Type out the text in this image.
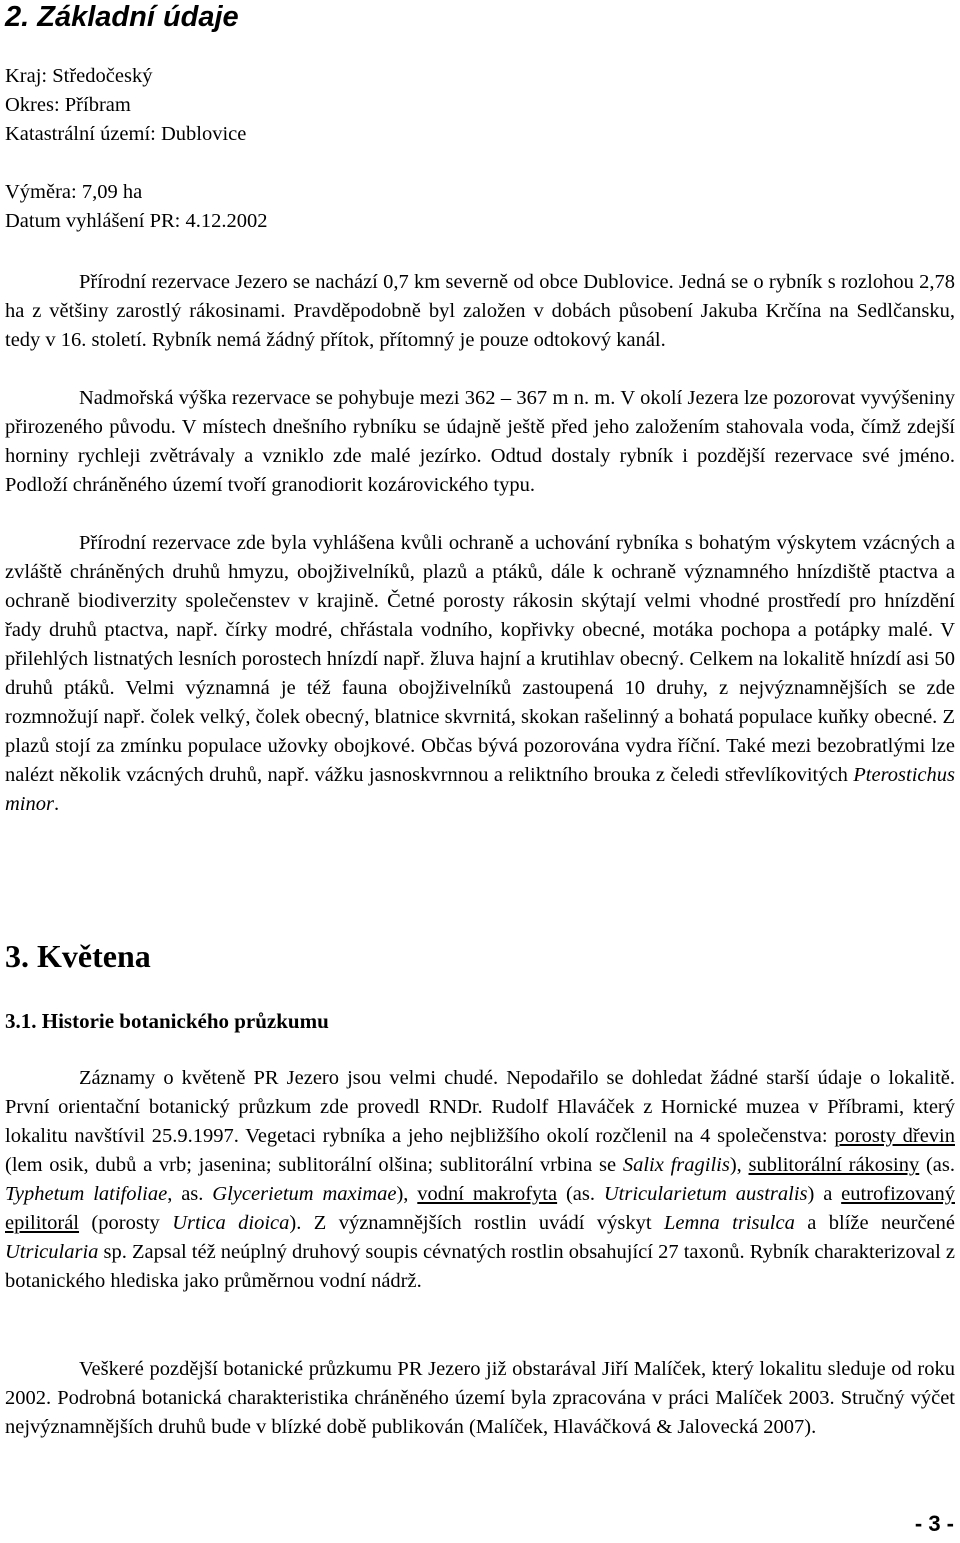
2. Základní údaje
Kraj: Středočeský
Okres: Příbram
Katastrální území: Dublovice
Výměra: 7,09 ha
Datum vyhlášení PR: 4.12.2002
Přírodní rezervace Jezero se nachází 0,7 km severně od obce Dublovice. Jedná se o rybník s rozlohou 2,78 ha z většiny zarostlý rákosinami. Pravděpodobně byl založen v dobách působení Jakuba Krčína na Sedlčansku, tedy v 16. století. Rybník nemá žádný přítok, přítomný je pouze odtokový kanál.
Nadmořská výška rezervace se pohybuje mezi 362 – 367 m n. m. V okolí Jezera lze pozorovat vyvýšeniny přirozeného původu. V místech dnešního rybníku se údajně ještě před jeho založením stahovala voda, čímž zdejší horniny rychleji zvětrávaly a vzniklo zde malé jezírko. Odtud dostaly rybník i pozdější rezervace své jméno. Podloží chráněného území tvoří granodiorit kozárovického typu.
Přírodní rezervace zde byla vyhlášena kvůli ochraně a uchování rybníka s bohatým výskytem vzácných a zvláště chráněných druhů hmyzu, obojživelníků, plazů a ptáků, dále k ochraně významného hnízdiště ptactva a ochraně biodiverzity společenstev v krajině. Četné porosty rákosin skýtají velmi vhodné prostředí pro hnízdění řady druhů ptactva, např. čírky modré, chřástala vodního, kopřivky obecné, motáka pochopa a potápky malé. V přilehlých listnatých lesních porostech hnízdí např. žluva hajní a krutihlav obecný. Celkem na lokalitě hnízdí asi 50 druhů ptáků. Velmi významná je též fauna obojživelníků zastoupená 10 druhy, z nejvýznamnějších se zde rozmnožují např. čolek velký, čolek obecný, blatnice skvrnitá, skokan rašelinný a bohatá populace kuňky obecné. Z plazů stojí za zmínku populace užovky obojkové. Občas bývá pozorována vydra říční. Také mezi bezobratlými lze nalézt několik vzácných druhů, např. vážku jasnoskvrnnou a reliktního brouka z čeledi střevlíkovitých Pterostichus minor.
3. Květena
3.1. Historie botanického průzkumu
Záznamy o květeně PR Jezero jsou velmi chudé. Nepodařilo se dohledat žádné starší údaje o lokalitě. První orientační botanický průzkum zde provedl RNDr. Rudolf Hlaváček z Hornické muzea v Příbrami, který lokalitu navštívil 25.9.1997. Vegetaci rybníka a jeho nejbližšího okolí rozčlenil na 4 společenstva: porosty dřevin (lem osik, dubů a vrb; jasenina; sublitorální olšina; sublitorální vrbina se Salix fragilis), sublitorální rákosiny (as. Typhetum latifoliae, as. Glycerietum maximae), vodní makrofyta (as. Utricularietum australis) a eutrofizovaný epilitorál (porosty Urtica dioica). Z významnějších rostlin uvádí výskyt Lemna trisulca a blíže neurčené Utricularia sp. Zapsal též neúplný druhový soupis cévnatých rostlin obsahující 27 taxonů. Rybník charakterizoval z botanického hlediska jako průměrnou vodní nádrž.
Veškeré pozdější botanické průzkumu PR Jezero již obstarával Jiří Malíček, který lokalitu sleduje od roku 2002. Podrobná botanická charakteristika chráněného území byla zpracována v práci Malíček 2003. Stručný výčet nejvýznamnějších druhů bude v blízké době publikován (Malíček, Hlaváčková & Jalovecká 2007).
- 3 -
